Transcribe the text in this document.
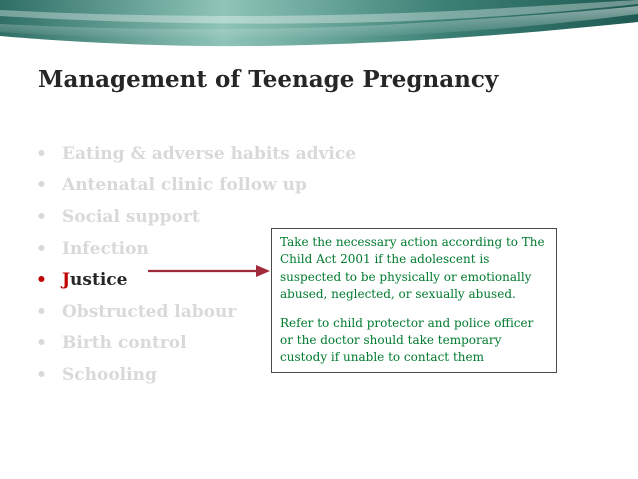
Management of Teenage Pregnancy
• Eating & adverse habits advice
• Antenatal clinic follow up
• Social support
• Infection
• Justice
• Obstructed labour
• Birth control
• Schooling

Take the necessary action according to The Child Act 2001 if the adolescent is suspected to be physically or emotionally abused, neglected, or sexually abused.

Refer to child protector and police officer or the doctor should take temporary custody if unable to contact them
